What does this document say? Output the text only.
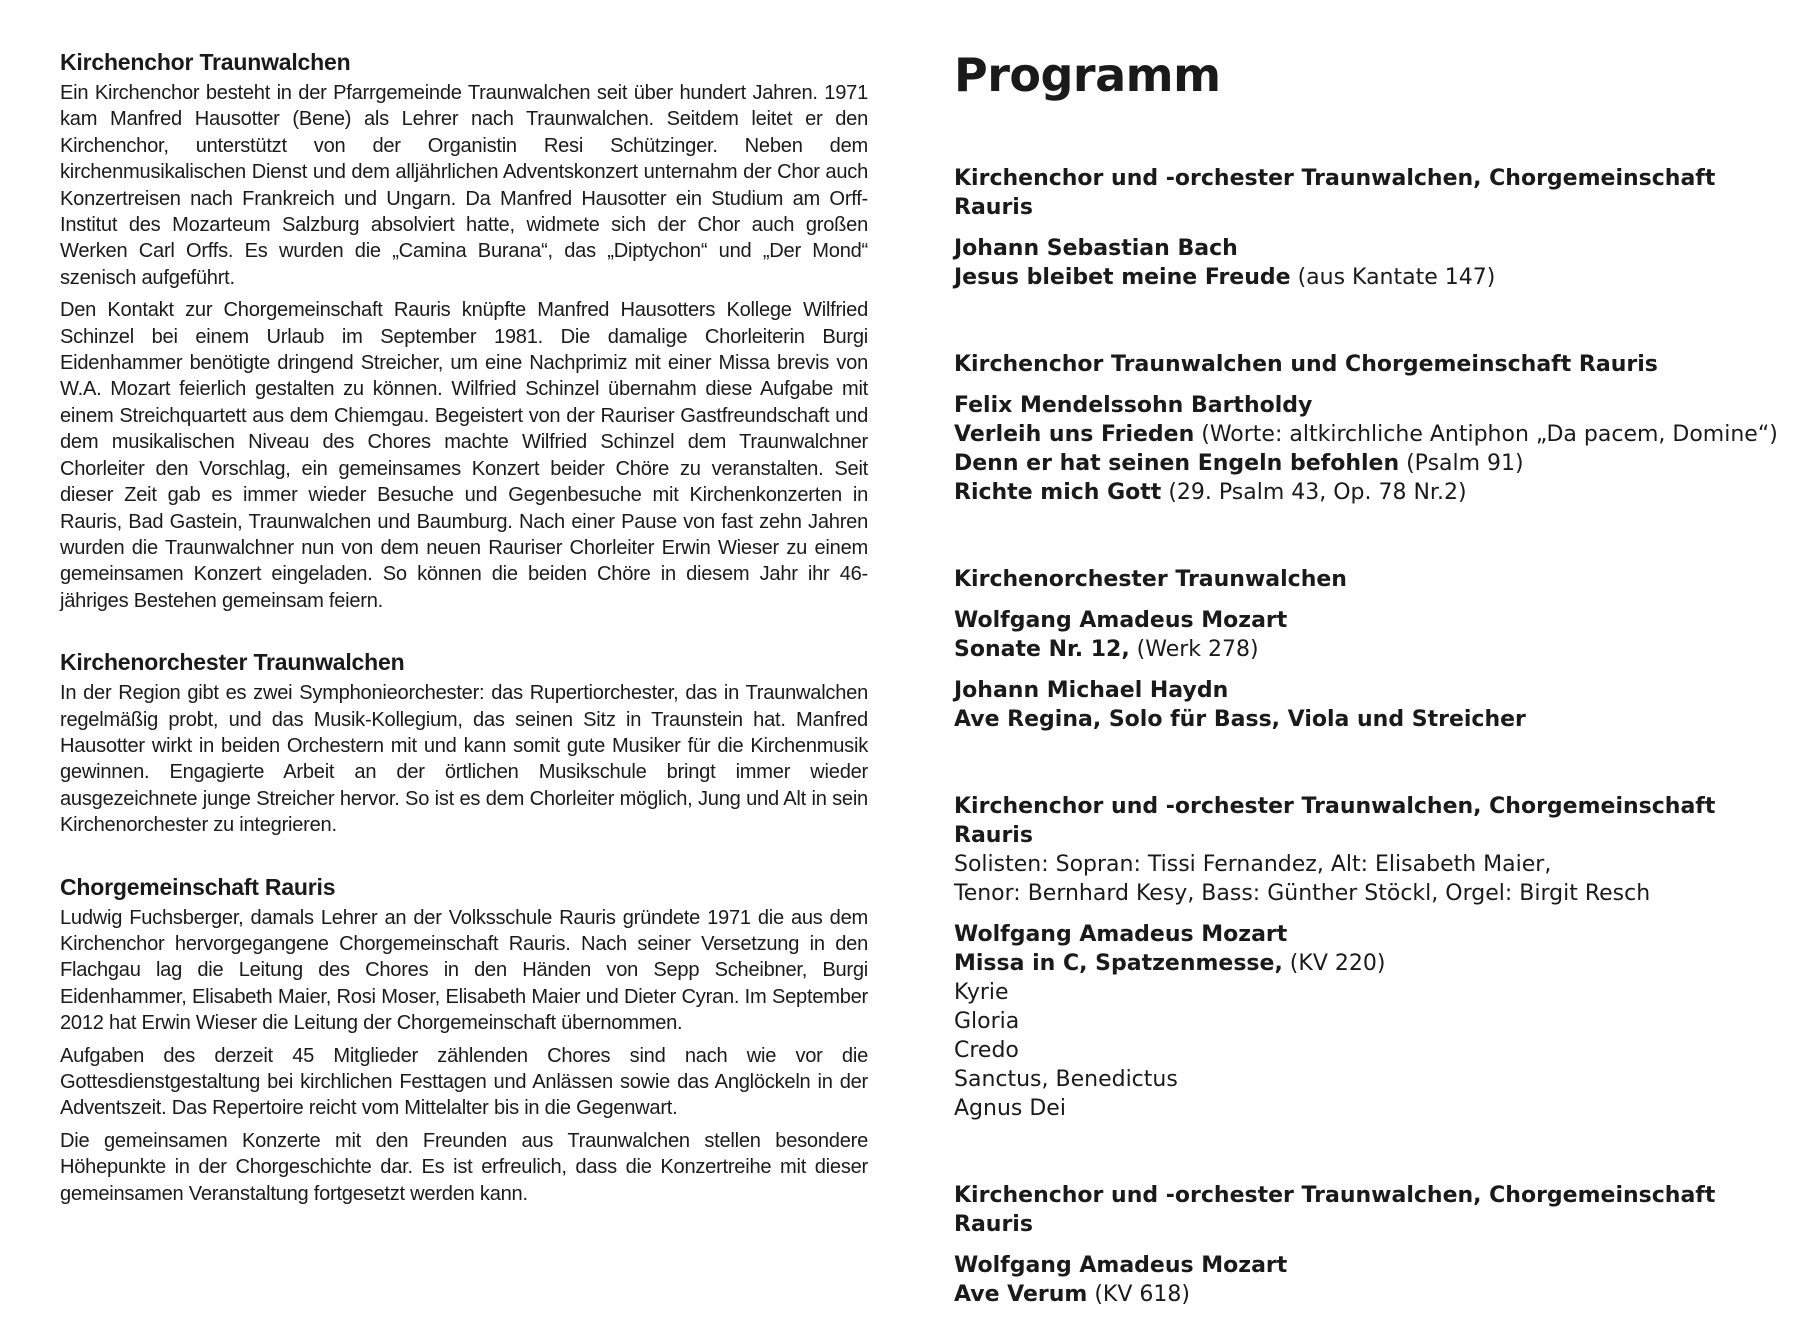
Kirchenchor Traunwalchen

Ein Kirchenchor besteht in der Pfarrgemeinde Traunwalchen seit über hundert Jahren. 1971 kam Manfred Hausotter (Bene) als Lehrer nach Traunwalchen. Seitdem leitet er den Kirchenchor, unterstützt von der Organistin Resi Schützinger. Neben dem kirchenmusikalischen Dienst und dem alljährlichen Adventskonzert unternahm der Chor auch Konzertreisen nach Frankreich und Ungarn. Da Manfred Hausotter ein Studium am Orff-Institut des Mozarteum Salzburg absolviert hatte, widmete sich der Chor auch großen Werken Carl Orffs. Es wurden die „Camina Burana“, das „Diptychon“ und „Der Mond“ szenisch aufgeführt.

Den Kontakt zur Chorgemeinschaft Rauris knüpfte Manfred Hausotters Kollege Wilfried Schinzel bei einem Urlaub im September 1981. Die damalige Chorleiterin Burgi Eidenhammer benötigte dringend Streicher, um eine Nachprimiz mit einer Missa brevis von W.A. Mozart feierlich gestalten zu können. Wilfried Schinzel übernahm diese Aufgabe mit einem Streichquartett aus dem Chiemgau. Begeistert von der Rauriser Gastfreundschaft und dem musikalischen Niveau des Chores machte Wilfried Schinzel dem Traunwalchner Chorleiter den Vorschlag, ein gemeinsames Konzert beider Chöre zu veranstalten. Seit dieser Zeit gab es immer wieder Besuche und Gegenbesuche mit Kirchenkonzerten in Rauris, Bad Gastein, Traunwalchen und Baumburg. Nach einer Pause von fast zehn Jahren wurden die Traunwalchner nun von dem neuen Rauriser Chorleiter Erwin Wieser zu einem gemeinsamen Konzert eingeladen. So können die beiden Chöre in diesem Jahr ihr 46-jähriges Bestehen gemeinsam feiern.

Kirchenorchester Traunwalchen

In der Region gibt es zwei Symphonieorchester: das Rupertiorchester, das in Traunwalchen regelmäßig probt, und das Musik-Kollegium, das seinen Sitz in Traunstein hat. Manfred Hausotter wirkt in beiden Orchestern mit und kann somit gute Musiker für die Kirchenmusik gewinnen. Engagierte Arbeit an der örtlichen Musikschule bringt immer wieder ausgezeichnete junge Streicher hervor. So ist es dem Chorleiter möglich, Jung und Alt in sein Kirchenorchester zu integrieren.

Chorgemeinschaft Rauris

Ludwig Fuchsberger, damals Lehrer an der Volksschule Rauris gründete 1971 die aus dem Kirchenchor hervorgegangene Chorgemeinschaft Rauris. Nach seiner Versetzung in den Flachgau lag die Leitung des Chores in den Händen von Sepp Scheibner, Burgi Eidenhammer, Elisabeth Maier, Rosi Moser, Elisabeth Maier und Dieter Cyran. Im September 2012 hat Erwin Wieser die Leitung der Chorgemeinschaft übernommen.

Aufgaben des derzeit 45 Mitglieder zählenden Chores sind nach wie vor die Gottesdienstgestaltung bei kirchlichen Festtagen und Anlässen sowie das Anglöckeln in der Adventszeit. Das Repertoire reicht vom Mittelalter bis in die Gegenwart.

Die gemeinsamen Konzerte mit den Freunden aus Traunwalchen stellen besondere Höhepunkte in der Chorgeschichte dar. Es ist erfreulich, dass die Konzertreihe mit dieser gemeinsamen Veranstaltung fortgesetzt werden kann.

Programm
Kirchenchor und -orchester Traunwalchen, Chorgemeinschaft Rauris
Johann Sebastian Bach
Jesus bleibet meine Freude (aus Kantate 147)
Kirchenchor Traunwalchen und Chorgemeinschaft Rauris
Felix Mendelssohn Bartholdy
Verleih uns Frieden (Worte: altkirchliche Antiphon „Da pacem, Domine“)
Denn er hat seinen Engeln befohlen (Psalm 91)
Richte mich Gott (29. Psalm 43, Op. 78 Nr.2)
Kirchenorchester Traunwalchen
Wolfgang Amadeus Mozart
Sonate Nr. 12, (Werk 278)
Johann Michael Haydn
Ave Regina, Solo für Bass, Viola und Streicher
Kirchenchor und -orchester Traunwalchen, Chorgemeinschaft Rauris
Solisten: Sopran: Tissi Fernandez, Alt: Elisabeth Maier,
Tenor: Bernhard Kesy, Bass: Günther Stöckl, Orgel: Birgit Resch
Wolfgang Amadeus Mozart
Missa in C, Spatzenmesse, (KV 220)
Kyrie
Gloria
Credo
Sanctus, Benedictus
Agnus Dei
Kirchenchor und -orchester Traunwalchen, Chorgemeinschaft Rauris
Wolfgang Amadeus Mozart
Ave Verum (KV 618)
